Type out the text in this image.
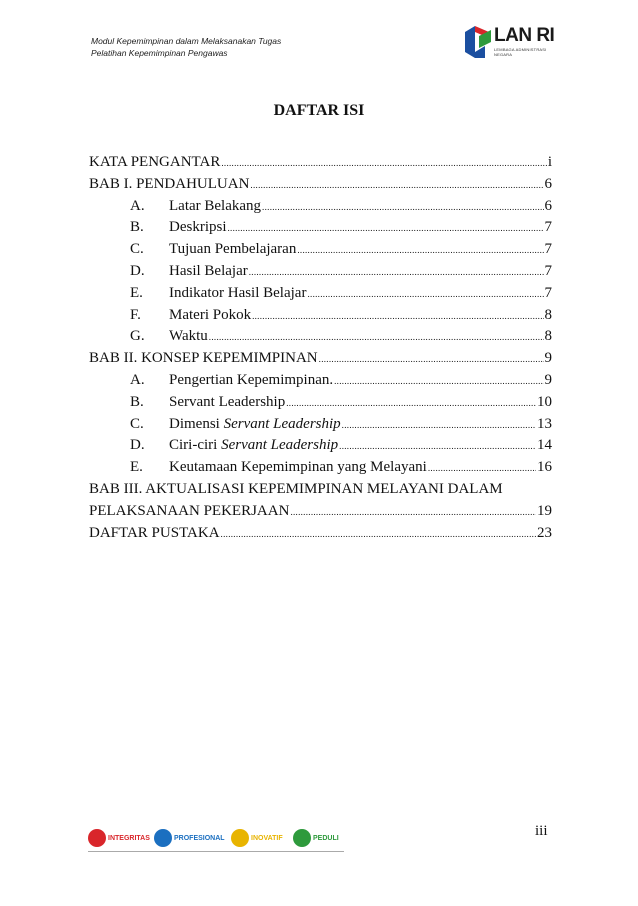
Modul Kepemimpinan dalam Melaksanakan Tugas
Pelatihan Kepemimpinan Pengawas
LAN RI
LEMBAGA ADMINISTRASI NEGARA
DAFTAR ISI
KATA PENGANTAR .....	i
BAB I. PENDAHULUAN .....	6
A.	Latar Belakang .....	6
B.	Deskripsi .....	7
C.	Tujuan Pembelajaran .....	7
D.	Hasil Belajar .....	7
E.	Indikator Hasil Belajar .....	7
F.	Materi Pokok .....	8
G.	Waktu .....	8
BAB II. KONSEP KEPEMIMPINAN .....	9
A.	Pengertian Kepemimpinan. .....	9
B.	Servant Leadership .....	10
C.	Dimensi Servant Leadership .....	13
D.	Ciri-ciri Servant Leadership .....	14
E.	Keutamaan Kepemimpinan yang Melayani .....	16
BAB III. AKTUALISASI KEPEMIMPINAN MELAYANI DALAM
PELAKSANAAN PEKERJAAN .....	19
DAFTAR PUSTAKA .....	23
INTEGRITAS	PROFESIONAL	INOVATIF	PEDULI	iii
